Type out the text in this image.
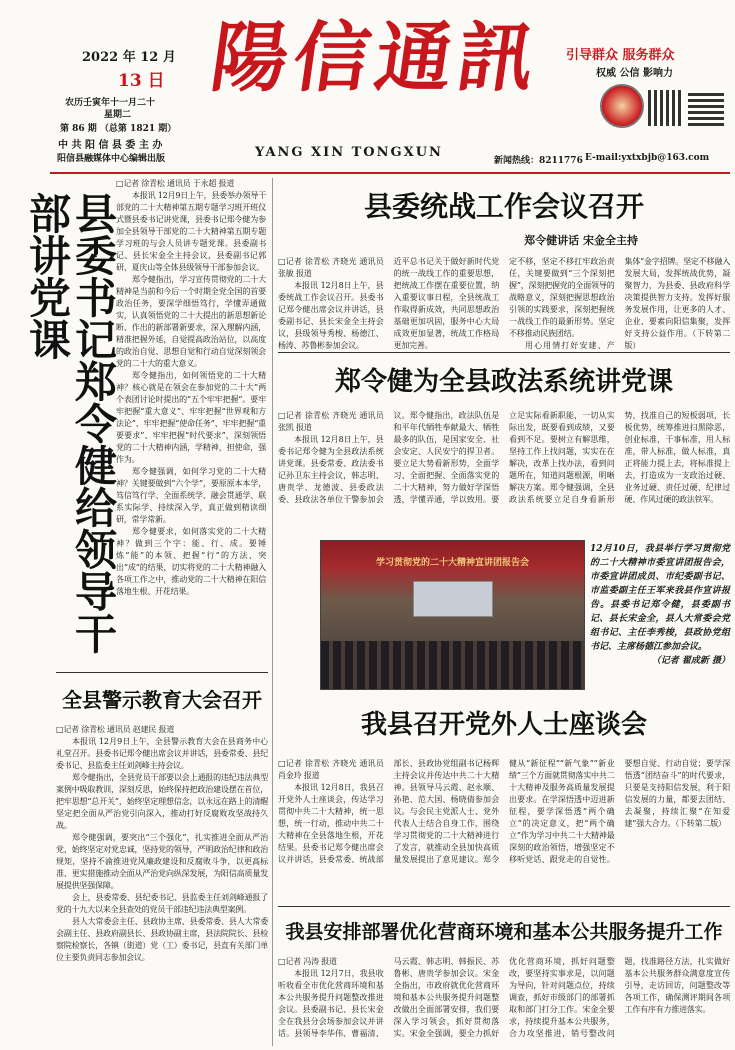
2022 年 12 月
13 日
农历壬寅年十一月二十
星期二
第 86 期 （总第 1821 期）
中 共 阳 信 县 委 主 办
阳信县融媒体中心编辑出版
陽信通訊
YANG XIN TONGXUN
引导群众 服务群众
权威 公信 影响力
新闻热线：8211776 E-mail:yxtxbjb@163.com
县委书记郑令健给领导干部讲党课
□记者 徐青松 通讯员 于永超 报道

本报讯 12月9日上午，县委举办领导干部党的二十大精神第五期专题学习班开班仪式暨县委书记讲党课，县委书记郑令健为参加全县领导干部党的二十大精神第五期专题学习班的与会人员讲专题党课。县委副书记、县长宋金全主持会议，县委副书记郭研、夏庆山等全体县级领导干部参加会议。

郑令健指出，学习宣传贯彻党的二十大精神是当前和今后一个时期全党全国的首要政治任务，要深学细悟笃行，学懂弄通做实，认真领悟党的二十大提出的新思想新论断、作出的新部署新要求，深入理解内涵，精准把握外延，自觉提高政治站位，以高度的政治自觉、思想自觉和行动自觉深刻领会党的二十大的重大意义。

郑令健指出，如何领悟党的二十大精神？核心就是在领会在参加党的二十大”两个表团讨论时提出的“五个牢牢把握”。要牢牢把握“重大意义”、牢牢把握“世界观和方法论”、牢牢把握“使命任务”、牢牢把握“重要要求”、牢牢把握“时代要求”，深刻领悟党的二十大精神内涵，学精神，担使命，强作为。

郑令健强调，如何学习党的二十大精神？关键要做到“六个学”，要原原本本学，笃信笃行学、全面系统学、融会贯通学、联系实际学、持续深入学，真正做到精读细研，常学常新。

郑令健要求，如何落实党的二十大精神？做到三个字：能、行、成。要锤炼“能”的本领、把握“行”的方法、突出“成”的结果，切实将党的二十大精神融入各项工作之中，推动党的二十大精神在阳信落地生根、开花结果。

全县警示教育大会召开
□记者 徐青松 通讯员 赵建民 报道

本报讯 12月9日上午，全县警示教育大会在县商务中心礼堂召开。县委书记郑令健出席会议并讲话，县委常委、县纪委书记、县监委主任刘剑峰主持会议。

郑令健指出，全县党员干部要以会上通报的违纪违法典型案例中吸取教训，深刻反思，始终保持把政治建设摆在首位，把牢思想“总开关”，始终坚定理想信念，以永远在路上的清醒坚定把全面从严治党引向深入，推动打好反腐败攻坚战持久战。

郑令健强调，要突出“三个强化”，扎实推进全面从严治党，始终坚定对党忠诚，坚持党的领导，严明政治纪律和政治规矩，坚持不渝推进党风廉政建设和反腐败斗争，以更高标准、更实措施推动全面从严治党向纵深发展，为阳信高质量发展提供坚强保障。

会上，县委常委、县纪委书记、县监委主任刘剑峰通报了党的十九大以来全县查处的党员干部违纪违法典型案例。

县人大常委会主任、县政协主席、县委常委、县人大常委会副主任、县政府副县长、县政协副主席，县法院院长、县检察院检察长，各镇（街道）党（工）委书记，县直有关部门单位主要负责同志参加会议。

县委统战工作会议召开
郑令健讲话 宋金全主持
□记者 徐青松 齐晓光 通讯员 张敏 报道

本报讯 12月8日上午，县委统战工作会议召开。县委书记郑令健出席会议并讲话，县委副书记、县长宋金全主持会议，县级领导秀梭、杨德江、杨涛、苏鲁彬参加会议。

近平总书记关于做好新时代党的统一战线工作的重要思想，把统战工作摆在重要位置，纳入重要议事日程，全县统战工作取得新成效，共同思想政治基础更加巩固，服务中心大局成效更加显著，统战工作格局更加完善。

定不移，坚定不移扛牢政治责任，关键要做到“三个深刻把握”，深刻把握党的全面领导的战略意义，深刻把握思想政治引领的实践要求，深刻把握统一战线工作的最新形势。坚定不移推动民族团结。

用心用情打好安建、产 集体”金字招牌。坚定不移融入发展大局，发挥统战优势，凝聚智力，为县委、县政府科学决策提供智力支持。发挥好服务发展作用，让更多的人才、企业、要素向阳信集聚，发挥好支持公益作用。（下转第二版）

郑令健为全县政法系统讲党课
□记者 徐青松 齐晓光 通讯员 张凯 报道

本报讯 12月8日上午，县委书记郑令健为全县政法系统讲党课。县委常委、政法委书记孙卫东主持会议，韩志明、唐贵学、龙德波、县委政法委、县政法各单位干警参加会议。郑令健指出，政法队伍是和平年代牺牲奉献最大、牺牲最多的队伍，是国家安全、社会安定、人民安宁的捍卫者。要立足大势看新形势，全面学习、全面把握、全面落实党的二十大精神，努力做好学深悟透，学懂弄通，学以致用。要立足实际看新职能，一切从实际出发，既要看到成绩，又要看到不足。要树立有解思维，坚持工作上找问题，实实在在解决，改革上找办法，看到问题所在，知道问题根源，明晰解决方案。郑令健强调，全县政法系统要立足自身看新形势，找准自己的短板弱项，长板优势，统筹推进扫黑除恶，创业标准，干事标准，用人标准，带人标准，做人标准，真正将能力提上去，将标准提上去，打造成为一支政治过硬、业务过硬、责任过硬、纪律过硬、作风过硬的政法铁军。

学习贯彻党的二十大精神宣讲团报告会
12月10日，我县举行学习贯彻党的二十大精神市委宣讲团报告会，市委宣讲团成员、市纪委副书记、市监委副主任王军来我县作宣讲报告。县委书记郑令健，县委副书记、县长宋金全，县人大常委会党组书记、主任李秀梭，县政协党组书记、主席杨德江参加会议。
（记者 翟成新 摄）
我县召开党外人士座谈会
□记者 徐青松 齐晓光 通讯员 肖金玲 报道

本报讯 12月8日，我县召开党外人士座谈会，传达学习贯彻中共二十大精神，统一思想，统一行动，推动中共二十大精神在全县落地生根，开花结果。县委书记郑令健出席会议并讲话，县委常委、统战部部长、县政协党组副书记杨辉主持会议并传达中共二十大精神。县领导马云霞、赵永顺、孙艳、范大国、杨晓倩参加会议。与会民主党派人士、党外代表人士结合自身工作，围绕学习贯彻党的二十大精神进行了发言，就推动全县加快高质量发展提出了意见建议。郑令健从“新征程”“新气象”“新业绩”三个方面就贯彻落实中共二十大精神及服务高质量发展提出要求。在学深悟透中迈进新征程，要学深悟透“两个确立”的决定意义，把“两个确立”作为学习中共二十大精神最深刻的政治领悟，增强坚定不移听党话、跟党走的自觉性。要想自觉、行动自觉；要学深悟透“团结奋斗”的时代要求，只要是支持阳信发展，利于阳信发展的力量，都要去团结、去凝聚，持续汇聚“在知爱建”强大合力。（下转第二版）

我县安排部署优化营商环境和基本公共服务提升工作
□记者 冯涛 报道

本报讯 12月7日，我县收听收看全市优化营商环境和基本公共服务提升问题整改推进会议。县委副书记、县长宋金全在我县分会场参加会议并讲话。县领导李华伟、曹福清、马云霞、韩志明、韩振民、苏鲁彬、唐贵学参加会议。宋金全指出，市政府就优化营商环境和基本公共服务提升问题整改做出全面部署安排，我们要深入学习领会，抓好贯彻落实。宋金全强调，要全力抓好优化营商环境，抓好问题整改，要坚持实事求是，以问题为导向，针对问题点位，持续调查，抓好市级部门的部署抓取和部门打分工作。宋金全要求，持续提升基本公共服务，合力攻坚推进，销号整改问题，找准路径方法，扎实做好基本公共服务群众满意度宣传引导，走访回访，问题整改等各项工作，确保测评期间各项工作有序有力推进落实。
